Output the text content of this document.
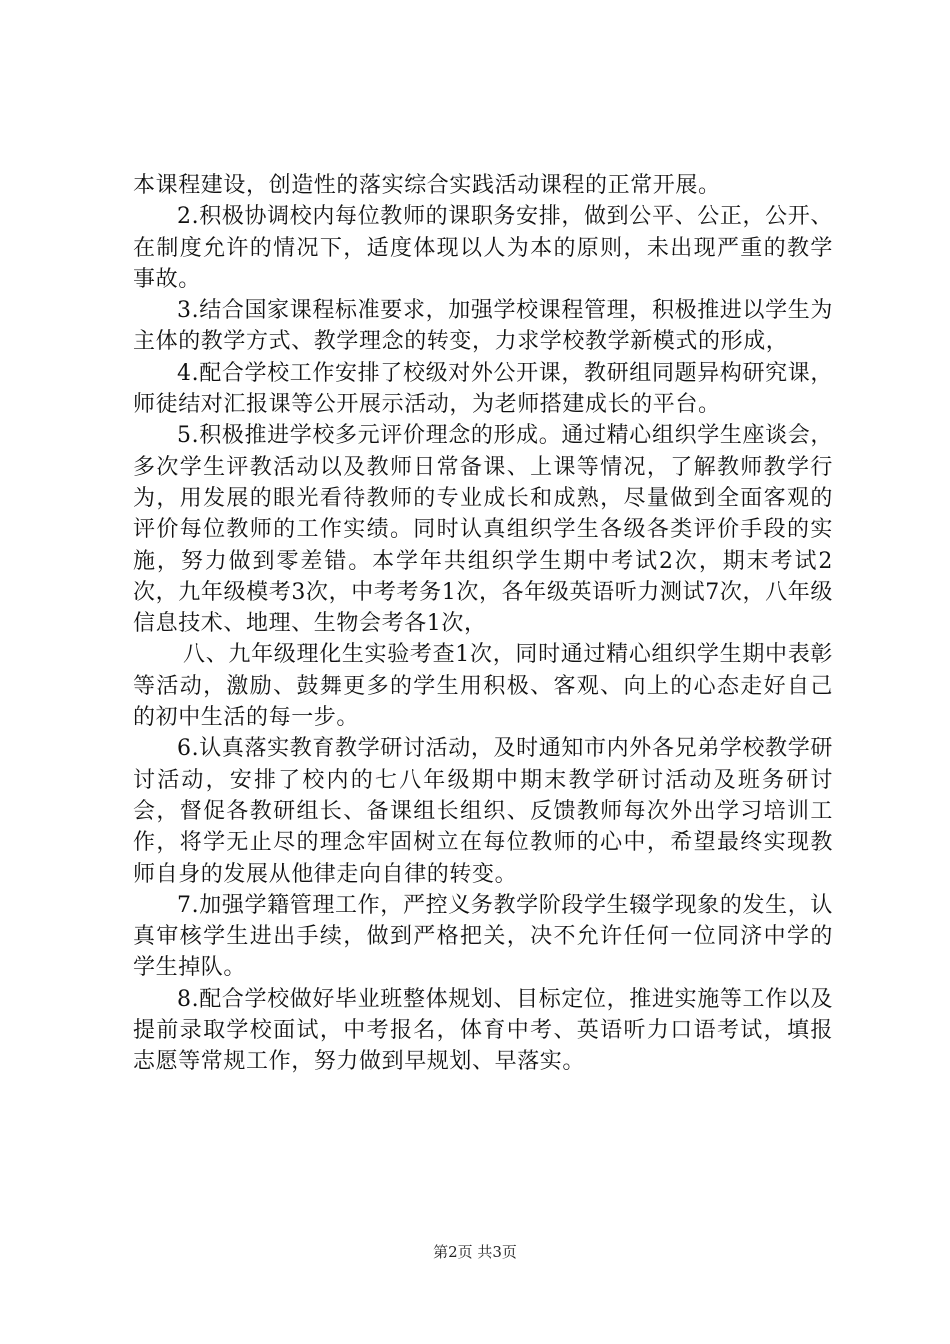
本课程建设，创造性的落实综合实践活动课程的正常开展。

2.积极协调校内每位教师的课职务安排，做到公平、公正，公开、在制度允许的情况下，适度体现以人为本的原则，未出现严重的教学事故。

3.结合国家课程标准要求，加强学校课程管理，积极推进以学生为主体的教学方式、教学理念的转变，力求学校教学新模式的形成，

4.配合学校工作安排了校级对外公开课，教研组同题异构研究课，师徒结对汇报课等公开展示活动，为老师搭建成长的平台。

5.积极推进学校多元评价理念的形成。通过精心组织学生座谈会，多次学生评教活动以及教师日常备课、上课等情况，了解教师教学行为，用发展的眼光看待教师的专业成长和成熟，尽量做到全面客观的评价每位教师的工作实绩。同时认真组织学生各级各类评价手段的实施，努力做到零差错。本学年共组织学生期中考试2次，期末考试2次，九年级模考3次，中考考务1次，各年级英语听力测试7次，八年级信息技术、地理、生物会考各1次，

八、九年级理化生实验考查1次，同时通过精心组织学生期中表彰等活动，激励、鼓舞更多的学生用积极、客观、向上的心态走好自己的初中生活的每一步。

6.认真落实教育教学研讨活动，及时通知市内外各兄弟学校教学研讨活动，安排了校内的七八年级期中期末教学研讨活动及班务研讨会，督促各教研组长、备课组长组织、反馈教师每次外出学习培训工作，将学无止尽的理念牢固树立在每位教师的心中，希望最终实现教师自身的发展从他律走向自律的转变。

7.加强学籍管理工作，严控义务教学阶段学生辍学现象的发生，认真审核学生进出手续，做到严格把关，决不允许任何一位同济中学的学生掉队。

8.配合学校做好毕业班整体规划、目标定位，推进实施等工作以及提前录取学校面试，中考报名，体育中考、英语听力口语考试，填报志愿等常规工作，努力做到早规划、早落实。

第2页 共3页
